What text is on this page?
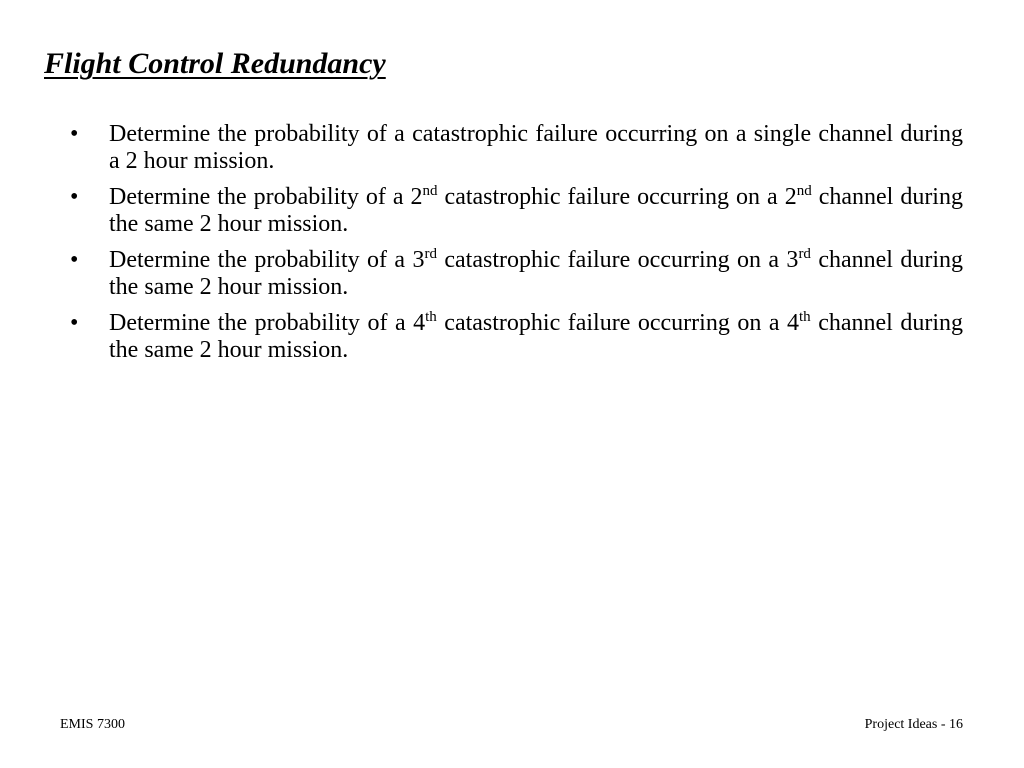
Flight Control Redundancy
• Determine the probability of a catastrophic failure occurring on a single channel during a 2 hour mission.
• Determine the probability of a 2nd catastrophic failure occurring on a 2nd channel during the same 2 hour mission.
• Determine the probability of a 3rd catastrophic failure occurring on a 3rd channel during the same 2 hour mission.
• Determine the probability of a 4th catastrophic failure occurring on a 4th channel during the same 2 hour mission.
EMIS 7300	Project Ideas - 16
